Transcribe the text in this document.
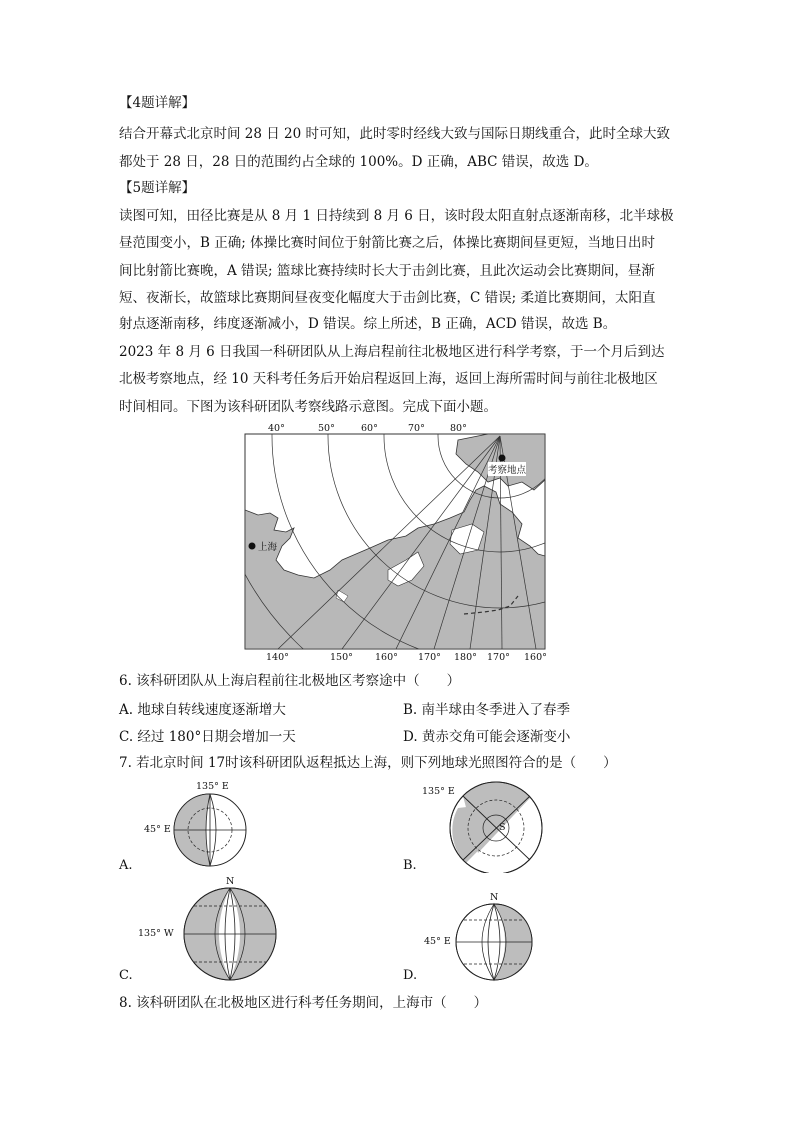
【4题详解】
结合开幕式北京时间 28 日 20 时可知，此时零时经线大致与国际日期线重合，此时全球大致
都处于 28 日，28 日的范围约占全球的 100%。D 正确，ABC 错误，故选 D。
【5题详解】
读图可知，田径比赛是从 8 月 1 日持续到 8 月 6 日，该时段太阳直射点逐渐南移，北半球极
昼范围变小，B 正确; 体操比赛时间位于射箭比赛之后，体操比赛期间昼更短，当地日出时
间比射箭比赛晚，A 错误; 篮球比赛持续时长大于击剑比赛，且此次运动会比赛期间，昼渐
短、夜渐长，故篮球比赛期间昼夜变化幅度大于击剑比赛，C 错误; 柔道比赛期间，太阳直
射点逐渐南移，纬度逐渐减小，D 错误。综上所述，B 正确，ACD 错误，故选 B。
2023 年 8 月 6 日我国一科研团队从上海启程前往北极地区进行科学考察，于一个月后到达
北极考察地点，经 10 天科考任务后开始启程返回上海，返回上海所需时间与前往北极地区
时间相同。下图为该科研团队考察线路示意图。完成下面小题。
40°	50°	60°	70°	80°
考察地点
上海
140°	150° 160° 170° 180° 170° 160°
6. 该科研团队从上海启程前往北极地区考察途中（　　）
A. 地球自转线速度逐渐增大	B. 南半球由冬季进入了春季
C. 经过 180°日期会增加一天	D. 黄赤交角可能会逐渐变小
7. 若北京时间 17时该科研团队返程抵达上海，则下列地球光照图符合的是（　　）
135° E
45° E
A.
135° E
S
B.
N
135° W
C.
N
45° E
D.
8. 该科研团队在北极地区进行科考任务期间，上海市（　　）
